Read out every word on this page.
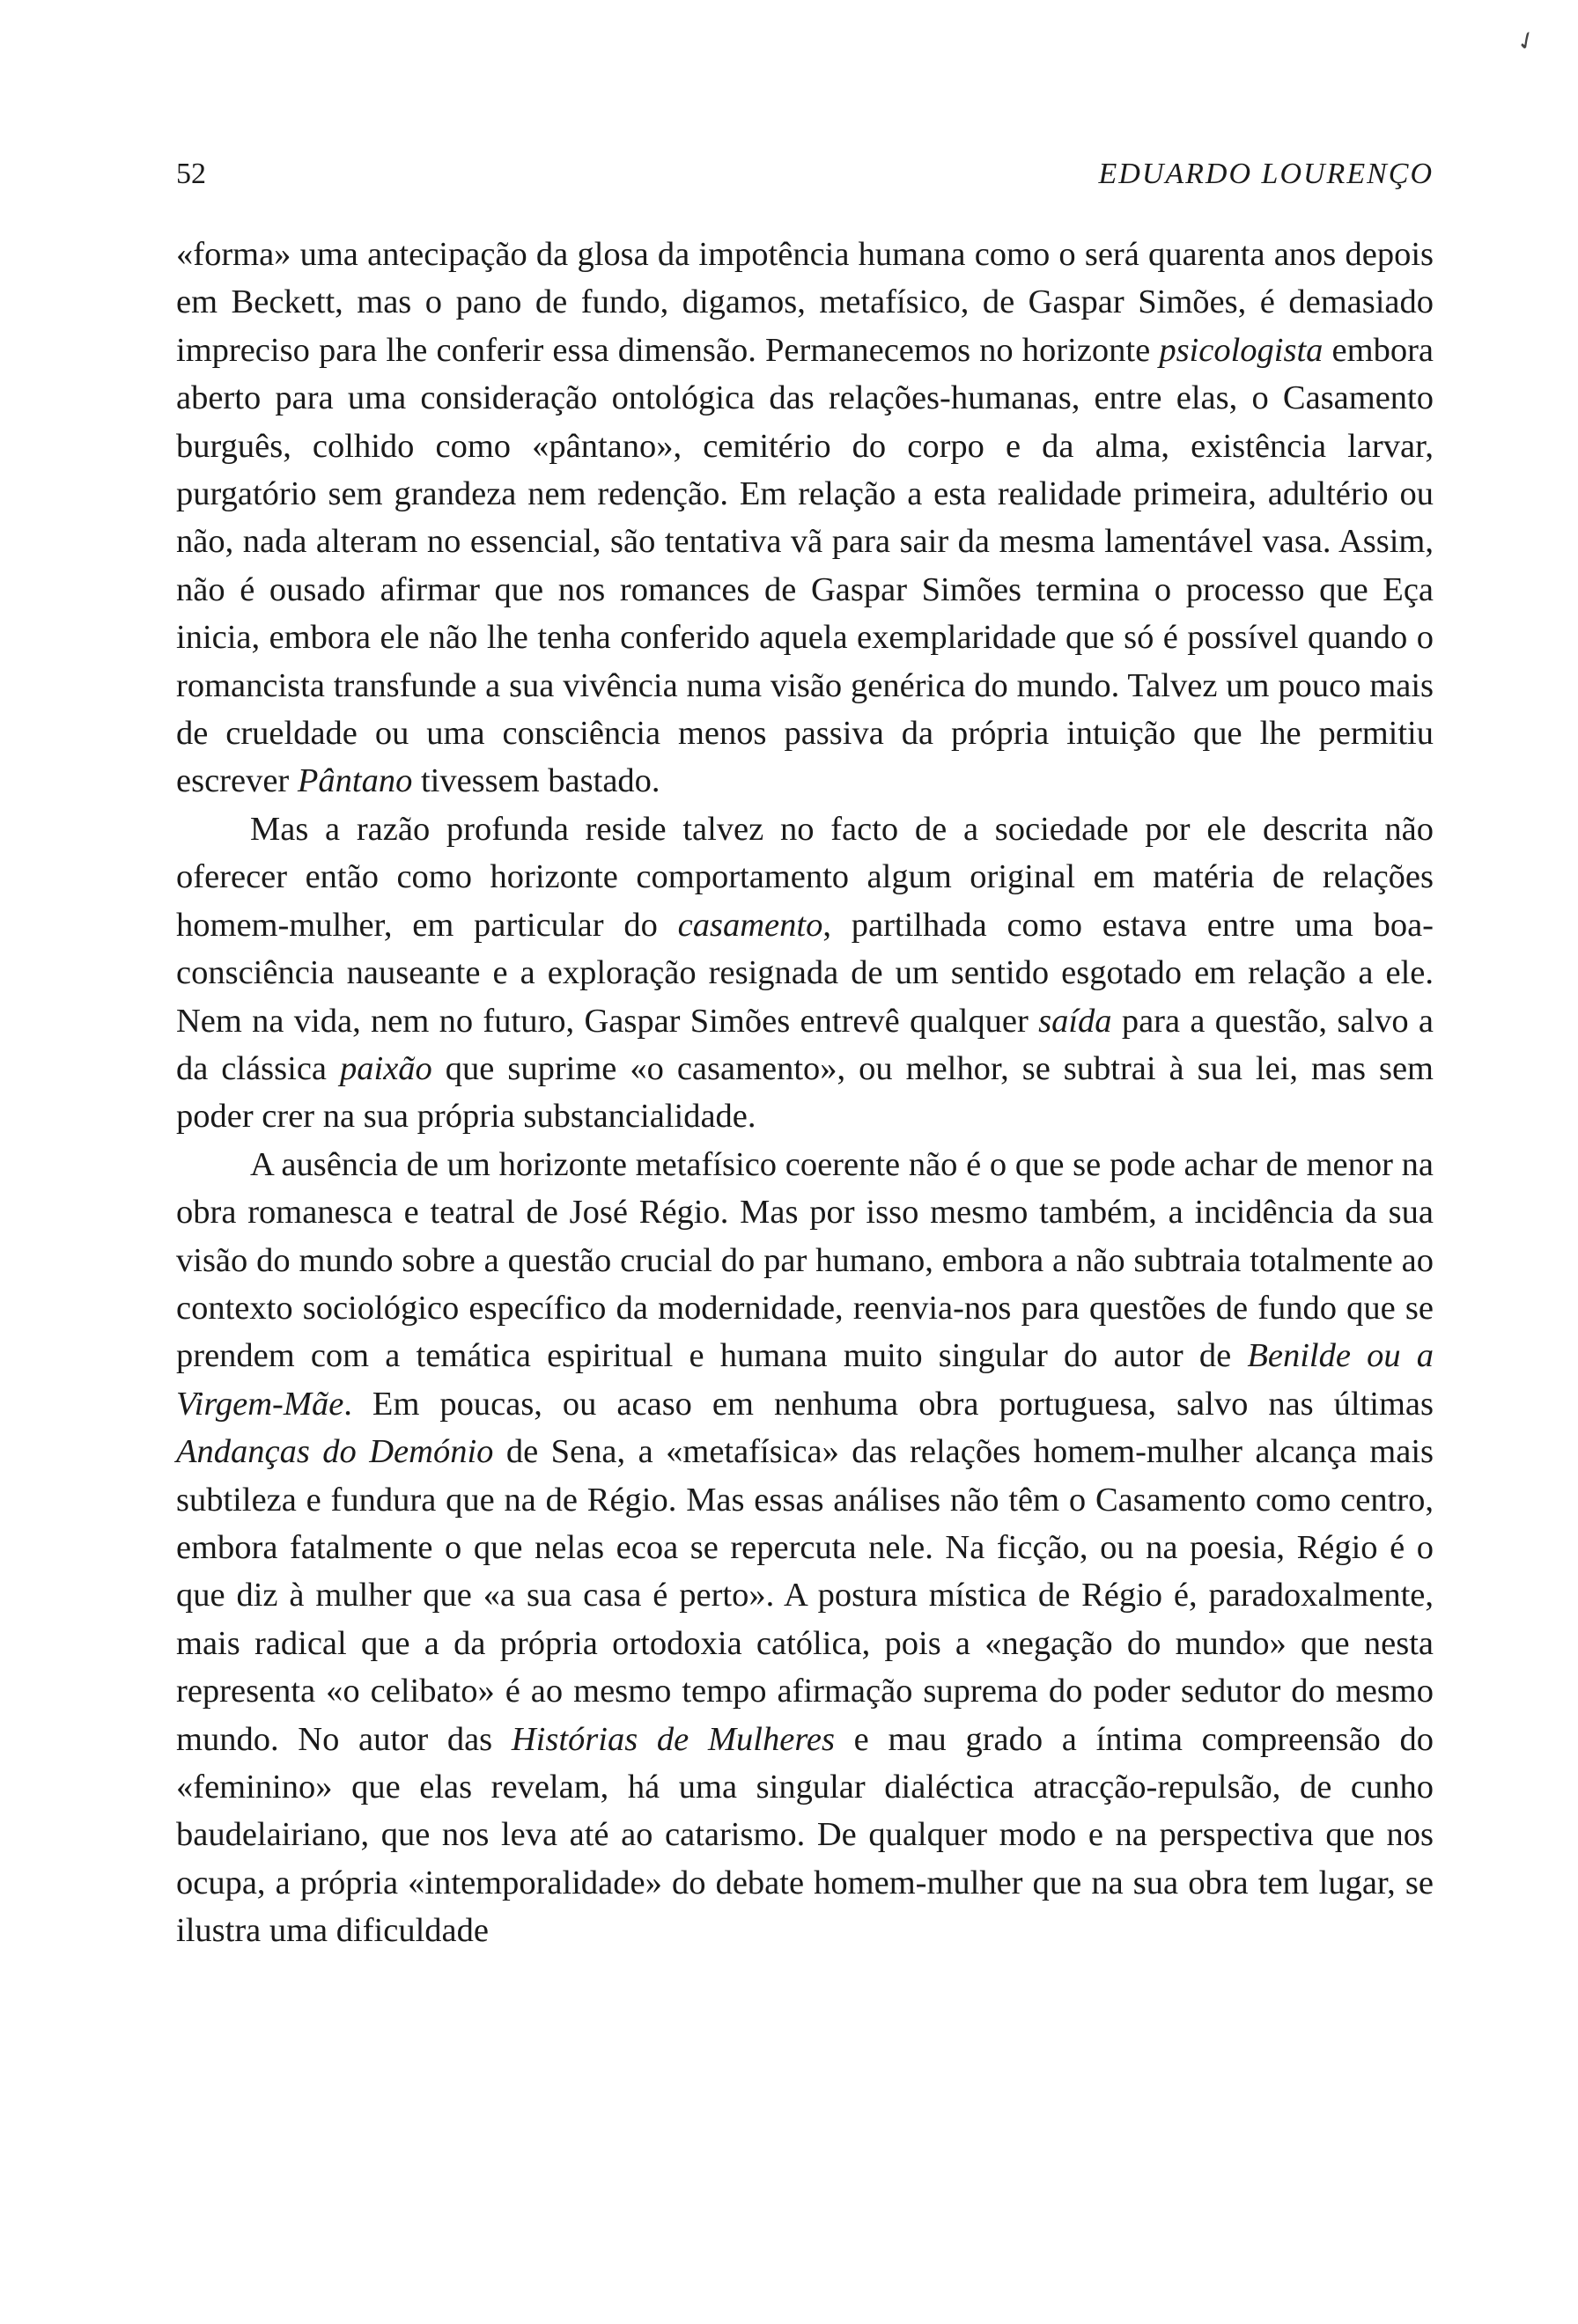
✓
52	EDUARDO LOURENÇO

«forma» uma antecipação da glosa da impotência humana como o será quarenta anos depois em Beckett, mas o pano de fundo, digamos, metafísico, de Gaspar Simões, é demasiado impreciso para lhe conferir essa dimensão. Permanecemos no horizonte psicologista embora aberto para uma consideração ontológica das relações-humanas, entre elas, o Casamento burguês, colhido como «pântano», cemitério do corpo e da alma, existência larvar, purgatório sem grandeza nem redenção. Em relação a esta realidade primeira, adultério ou não, nada alteram no essencial, são tentativa vã para sair da mesma lamentável vasa. Assim, não é ousado afirmar que nos romances de Gaspar Simões termina o processo que Eça inicia, embora ele não lhe tenha conferido aquela exemplaridade que só é possível quando o romancista transfunde a sua vivência numa visão genérica do mundo. Talvez um pouco mais de crueldade ou uma consciência menos passiva da própria intuição que lhe permitiu escrever Pântano tivessem bastado.

Mas a razão profunda reside talvez no facto de a sociedade por ele descrita não oferecer então como horizonte comportamento algum original em matéria de relações homem-mulher, em particular do casamento, partilhada como estava entre uma boa-consciência nauseante e a exploração resignada de um sentido esgotado em relação a ele. Nem na vida, nem no futuro, Gaspar Simões entrevê qualquer saída para a questão, salvo a da clássica paixão que suprime «o casamento», ou melhor, se subtrai à sua lei, mas sem poder crer na sua própria substancialidade.

A ausência de um horizonte metafísico coerente não é o que se pode achar de menor na obra romanesca e teatral de José Régio. Mas por isso mesmo também, a incidência da sua visão do mundo sobre a questão crucial do par humano, embora a não subtraia totalmente ao contexto sociológico específico da modernidade, reenvia-nos para questões de fundo que se prendem com a temática espiritual e humana muito singular do autor de Benilde ou a Virgem-Mãe. Em poucas, ou acaso em nenhuma obra portuguesa, salvo nas últimas Andanças do Demónio de Sena, a «metafísica» das relações homem-mulher alcança mais subtileza e fundura que na de Régio. Mas essas análises não têm o Casamento como centro, embora fatalmente o que nelas ecoa se repercuta nele. Na ficção, ou na poesia, Régio é o que diz à mulher que «a sua casa é perto». A postura mística de Régio é, paradoxalmente, mais radical que a da própria ortodoxia católica, pois a «negação do mundo» que nesta representa «o celibato» é ao mesmo tempo afirmação suprema do poder sedutor do mesmo mundo. No autor das Histórias de Mulheres e mau grado a íntima compreensão do «feminino» que elas revelam, há uma singular dialéctica atracção-repulsão, de cunho baudelairiano, que nos leva até ao catarismo. De qualquer modo e na perspectiva que nos ocupa, a própria «intemporalidade» do debate homem-mulher que na sua obra tem lugar, se ilustra uma dificuldade
